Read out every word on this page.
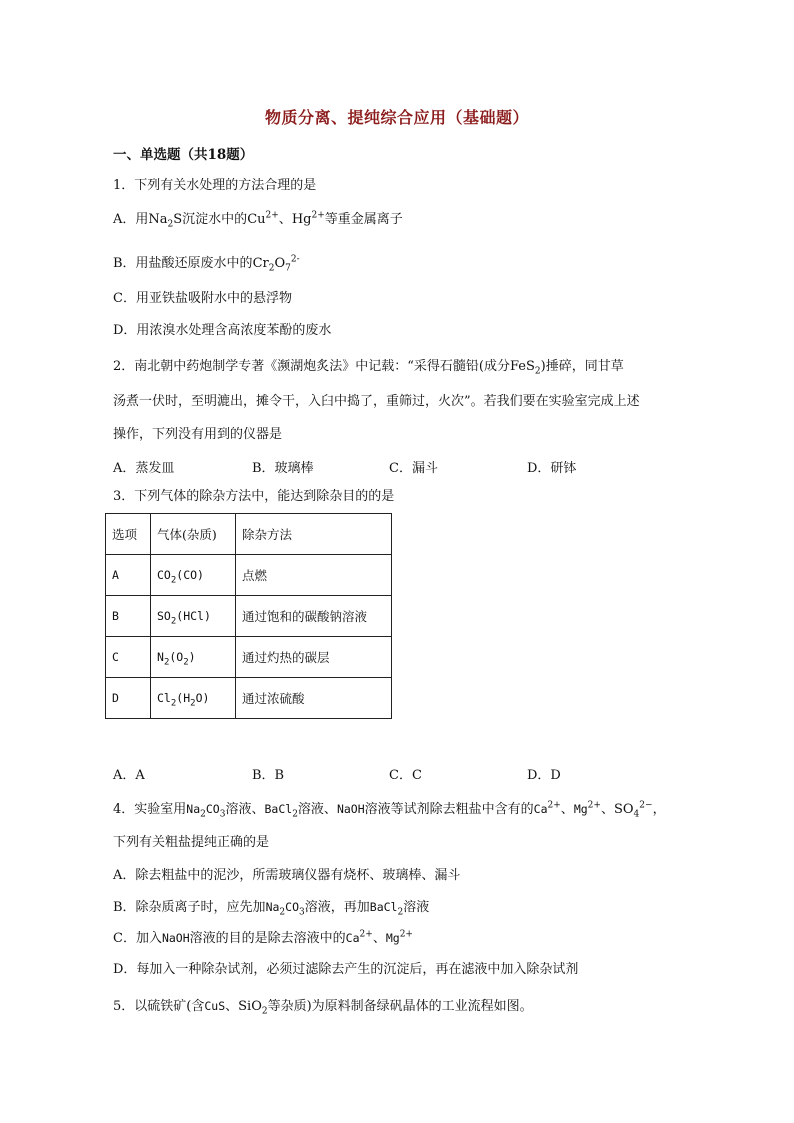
物质分离、提纯综合应用（基础题）
一、单选题（共18题）
1．下列有关水处理的方法合理的是
A．用$Na_2S$沉淀水中的$Cu^{2+}$、$Hg^{2+}$等重金属离子
B．用盐酸还原废水中的$Cr_2O_7^{2-}$
C．用亚铁盐吸附水中的悬浮物
D．用浓溴水处理含高浓度苯酚的废水
2．南北朝中药炮制学专著《濒湖炮炙法》中记载：“采得石髓铅(成分FeS$_2$)捶碎，同甘草
汤煮一伏时，至明漉出，摊令干，入臼中捣了，重筛过，火次”。若我们要在实验室完成上述
操作，下列没有用到的仪器是
A．蒸发皿	B．玻璃棒	C．漏斗	D．研钵
3．下列气体的除杂方法中，能达到除杂目的的是
选项	气体(杂质)	除杂方法
A	$CO_2(CO)$	点燃
B	$SO_2(HCl)$	通过饱和的碳酸钠溶液
C	$N_2(O_2)$	通过灼热的碳层
D	$Cl_2(H_2O)$	通过浓硫酸
A．A	B．B	C．C	D．D
4．实验室用$Na_2CO_3$溶液、BaCl$_2$溶液、NaOH溶液等试剂除去粗盐中含有的$Ca^{2+}$、$Mg^{2+}$、$SO_4^{2-}$，
下列有关粗盐提纯正确的是
A．除去粗盐中的泥沙，所需玻璃仪器有烧杯、玻璃棒、漏斗
B．除杂质离子时，应先加$Na_2CO_3$溶液，再加BaCl$_2$溶液
C．加入NaOH溶液的目的是除去溶液中的$Ca^{2+}$、$Mg^{2+}$
D．每加入一种除杂试剂，必须过滤除去产生的沉淀后，再在滤液中加入除杂试剂
5．以硫铁矿(含CuS、SiO$_2$等杂质)为原料制备绿矾晶体的工业流程如图。
